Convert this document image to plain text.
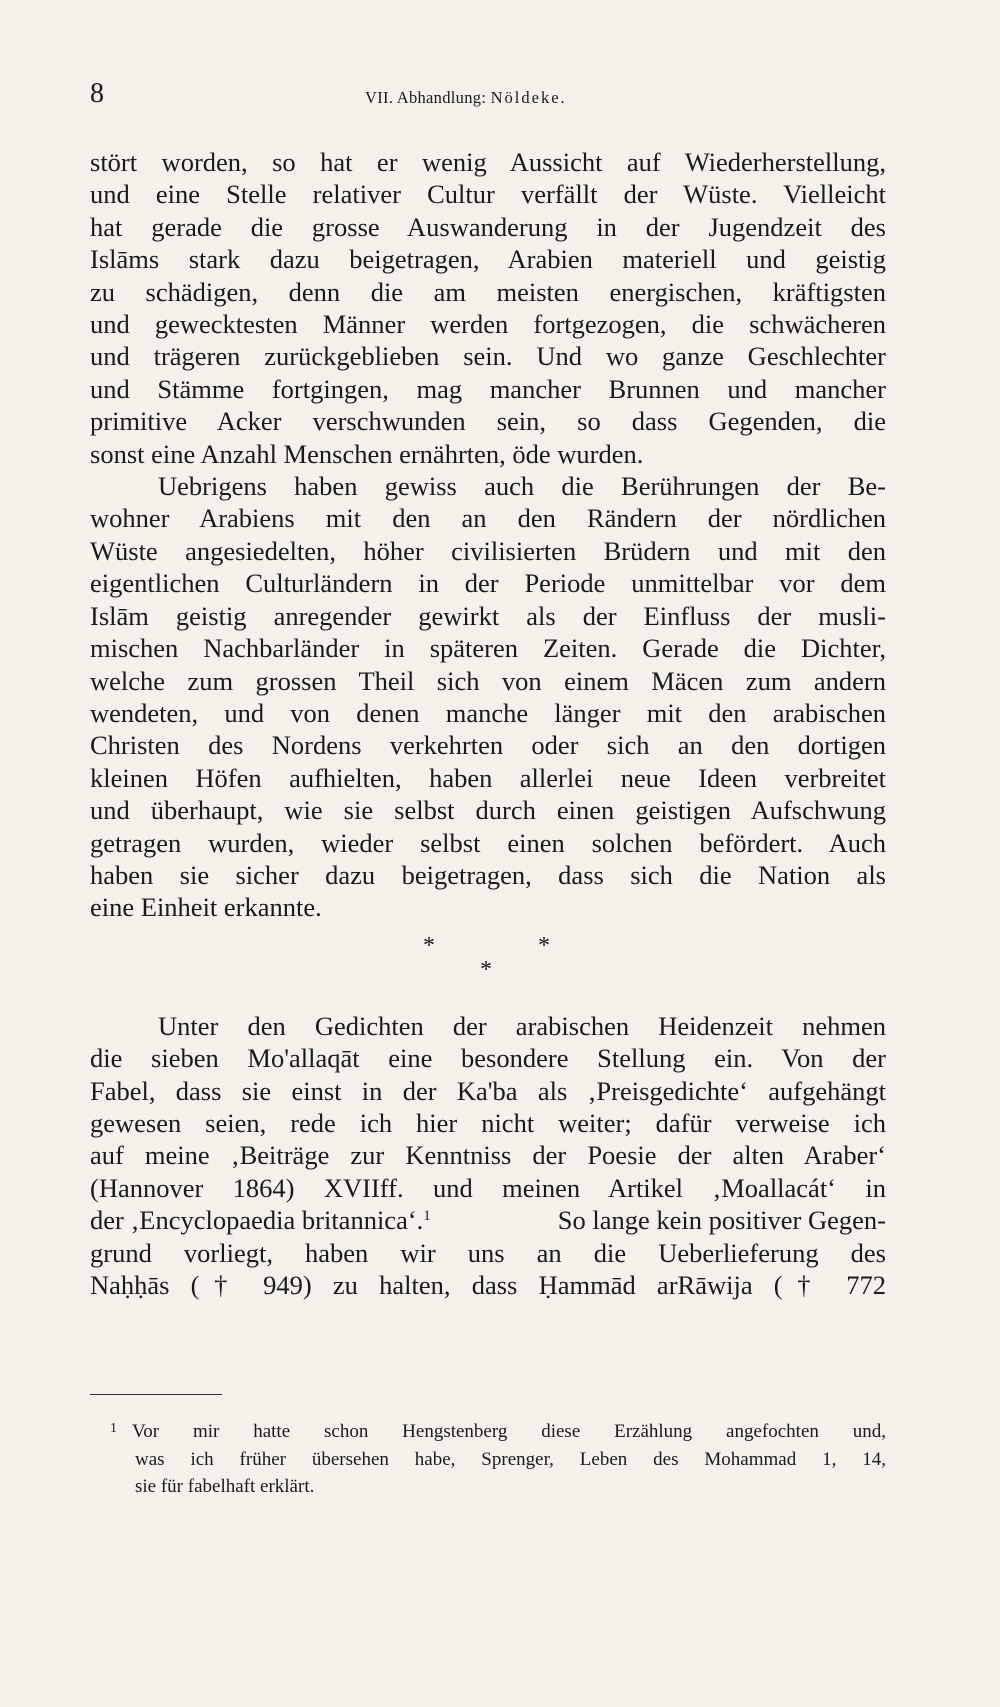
8	VII. Abhandlung: Nöldeke.
stört worden, so hat er wenig Aussicht auf Wiederherstellung,
und eine Stelle relativer Cultur verfällt der Wüste. Vielleicht
hat gerade die grosse Auswanderung in der Jugendzeit des
Islāms stark dazu beigetragen, Arabien materiell und geistig
zu schädigen, denn die am meisten energischen, kräftigsten
und gewecktesten Männer werden fortgezogen, die schwächeren
und trägeren zurückgeblieben sein. Und wo ganze Geschlechter
und Stämme fortgingen, mag mancher Brunnen und mancher
primitive Acker verschwunden sein, so dass Gegenden, die
sonst eine Anzahl Menschen ernährten, öde wurden.
Uebrigens haben gewiss auch die Berührungen der Be-
wohner Arabiens mit den an den Rändern der nördlichen
Wüste angesiedelten, höher civilisierten Brüdern und mit den
eigentlichen Culturländern in der Periode unmittelbar vor dem
Islām geistig anregender gewirkt als der Einfluss der musli-
mischen Nachbarländer in späteren Zeiten. Gerade die Dichter,
welche zum grossen Theil sich von einem Mäcen zum andern
wendeten, und von denen manche länger mit den arabischen
Christen des Nordens verkehrten oder sich an den dortigen
kleinen Höfen aufhielten, haben allerlei neue Ideen verbreitet
und überhaupt, wie sie selbst durch einen geistigen Aufschwung
getragen wurden, wieder selbst einen solchen befördert. Auch
haben sie sicher dazu beigetragen, dass sich die Nation als
eine Einheit erkannte.
*	*
*
Unter den Gedichten der arabischen Heidenzeit nehmen
die sieben Mo'allaqāt eine besondere Stellung ein. Von der
Fabel, dass sie einst in der Ka'ba als ‚Preisgedichte‘ aufgehängt
gewesen seien, rede ich hier nicht weiter; dafür verweise ich
auf meine ‚Beiträge zur Kenntniss der Poesie der alten Araber‘
(Hannover 1864) XVIIff. und meinen Artikel ‚Moallacát‘ in
der ‚Encyclopaedia britannica‘.$^1$	So lange kein positiver Gegen-
grund vorliegt, haben wir uns an die Ueberlieferung des
Naḥḥās († 949) zu halten, dass Ḥammād arRāwija († 772
1 Vor mir hatte schon Hengstenberg diese Erzählung angefochten und,
was ich früher übersehen habe, Sprenger, Leben des Mohammad 1, 14,
sie für fabelhaft erklärt.
